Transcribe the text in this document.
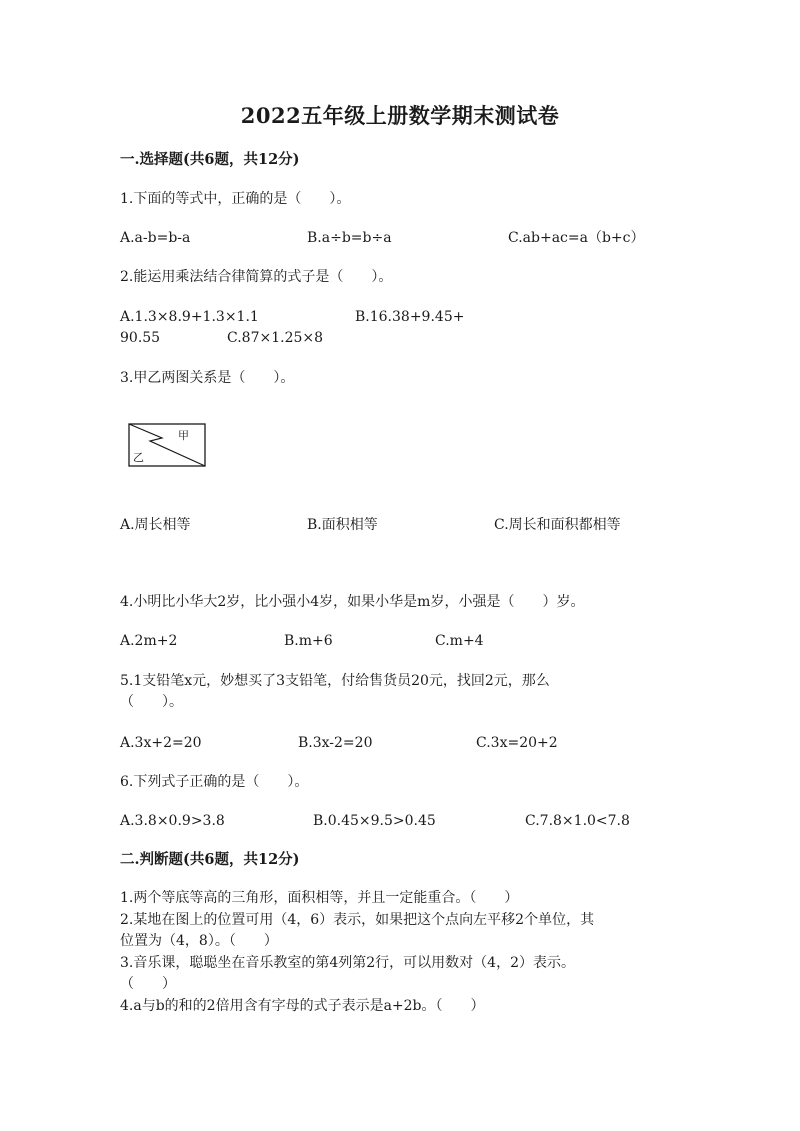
2022五年级上册数学期末测试卷
一.选择题(共6题，共12分)
1.下面的等式中，正确的是（　　）。
A.a-b=b-a	B.a÷b=b÷a	C.ab+ac=a（b+c）
2.能运用乘法结合律简算的式子是（　　）。
A.1.3×8.9+1.3×1.1	B.16.38+9.45+
90.55	C.87×1.25×8
3.甲乙两图关系是（　　）。
甲
乙
A.周长相等	B.面积相等	C.周长和面积都相等
4.小明比小华大2岁，比小强小4岁，如果小华是m岁，小强是（　　）岁。
A.2m+2	B.m+6	C.m+4
5.1支铅笔x元，妙想买了3支铅笔，付给售货员20元，找回2元，那么
（　　）。
A.3x+2=20	B.3x-2=20	C.3x=20+2
6.下列式子正确的是（　　）。
A.3.8×0.9>3.8	B.0.45×9.5>0.45	C.7.8×1.0<7.8
二.判断题(共6题，共12分)
1.两个等底等高的三角形，面积相等，并且一定能重合。（　　）
2.某地在图上的位置可用（4，6）表示，如果把这个点向左平移2个单位，其
位置为（4，8）。（　　）
3.音乐课，聪聪坐在音乐教室的第4列第2行，可以用数对（4，2）表示。
（　　）
4.a与b的和的2倍用含有字母的式子表示是a+2b。（　　）
